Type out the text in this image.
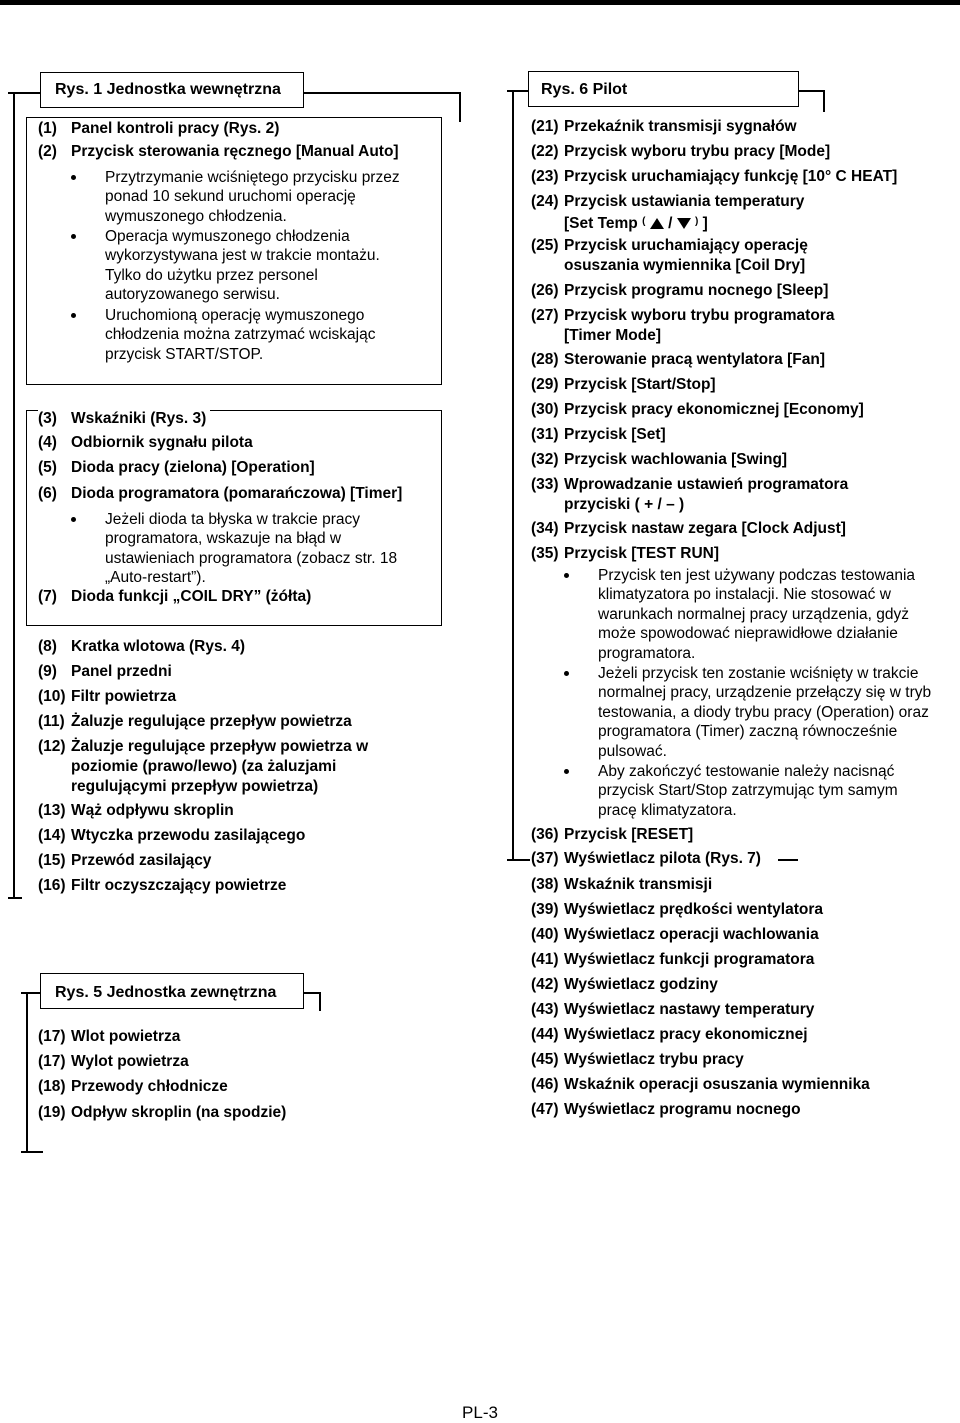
Rys. 1 Jednostka wewnętrzna
(1) Panel kontroli pracy (Rys. 2)
(2) Przycisk sterowania ręcznego [Manual Auto]
Przytrzymanie wciśniętego przycisku przez ponad 10 sekund uruchomi operację wymuszonego chłodzenia.
Operacja wymuszonego chłodzenia wykorzystywana jest w trakcie montażu. Tylko do użytku przez personel autoryzowanego serwisu.
Uruchomioną operację wymuszonego chłodzenia można zatrzymać wciskając przycisk START/STOP.
(3) Wskaźniki (Rys. 3)
(4) Odbiornik sygnału pilota
(5) Dioda pracy (zielona) [Operation]
(6) Dioda programatora (pomarańczowa) [Timer]
Jeżeli dioda ta błyska w trakcie pracy programatora, wskazuje na błąd w ustawieniach programatora (zobacz str. 18 „Auto-restart”).
(7) Dioda funkcji „COIL DRY” (żółta)
(8) Kratka wlotowa (Rys. 4)
(9) Panel przedni
(10) Filtr powietrza
(11) Żaluzje regulujące przepływ powietrza
(12) Żaluzje regulujące przepływ powietrza w poziomie (prawo/lewo) (za żaluzjami regulującymi przepływ powietrza)
(13) Wąż odpływu skroplin
(14) Wtyczka przewodu zasilającego
(15) Przewód zasilający
(16) Filtr oczyszczający powietrze
Rys. 5 Jednostka zewnętrzna
(17) Wlot powietrza
(17) Wylot powietrza
(18) Przewody chłodnicze
(19) Odpływ skroplin (na spodzie)
Rys. 6 Pilot
(21) Przekaźnik transmisji sygnałów
(22) Przycisk wyboru trybu pracy [Mode]
(23) Przycisk uruchamiający funkcję [10° C HEAT]
(24) Przycisk ustawiania temperatury
[Set Temp ( / ) ]
(25) Przycisk uruchamiający operację osuszania wymiennika [Coil Dry]
(26) Przycisk programu nocnego [Sleep]
(27) Przycisk wyboru trybu programatora [Timer Mode]
(28) Sterowanie pracą wentylatora [Fan]
(29) Przycisk [Start/Stop]
(30) Przycisk pracy ekonomicznej [Economy]
(31) Przycisk [Set]
(32) Przycisk wachlowania [Swing]
(33) Wprowadzanie ustawień programatora przyciski ( + / – )
(34) Przycisk nastaw zegara [Clock Adjust]
(35) Przycisk [TEST RUN]
Przycisk ten jest używany podczas testowania klimatyzatora po instalacji. Nie stosować w warunkach normalnej pracy urządzenia, gdyż może spowodować nieprawidłowe działanie programatora.
Jeżeli przycisk ten zostanie wciśnięty w trakcie normalnej pracy, urządzenie przełączy się w tryb testowania, a diody trybu pracy (Operation) oraz programatora (Timer) zaczną równocześnie pulsować.
Aby zakończyć testowanie należy nacisnąć przycisk Start/Stop zatrzymując tym samym pracę klimatyzatora.
(36) Przycisk [RESET]
(37) Wyświetlacz pilota (Rys. 7)
(38) Wskaźnik transmisji
(39) Wyświetlacz prędkości wentylatora
(40) Wyświetlacz operacji wachlowania
(41) Wyświetlacz funkcji programatora
(42) Wyświetlacz godziny
(43) Wyświetlacz nastawy temperatury
(44) Wyświetlacz pracy ekonomicznej
(45) Wyświetlacz trybu pracy
(46) Wskaźnik operacji osuszania wymiennika
(47) Wyświetlacz programu nocnego
PL-3
